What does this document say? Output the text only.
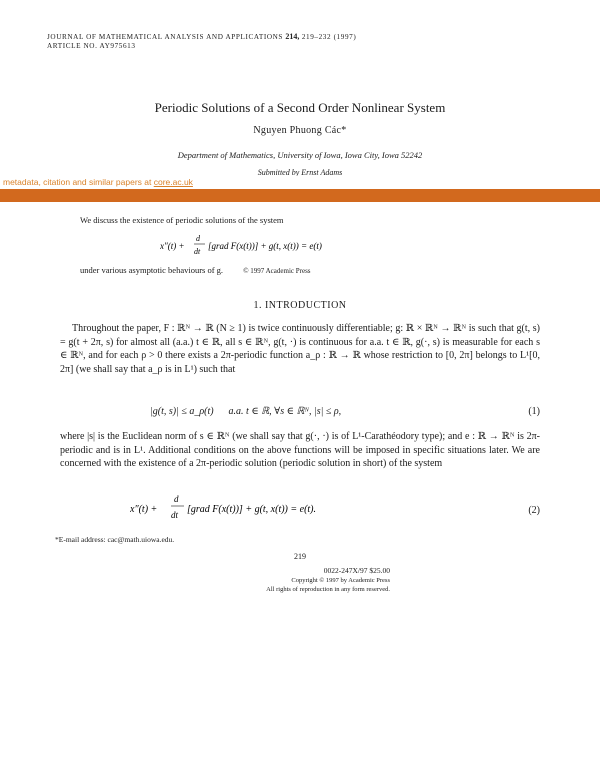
JOURNAL OF MATHEMATICAL ANALYSIS AND APPLICATIONS 214, 219–232 (1997)
ARTICLE NO. AY975613
Periodic Solutions of a Second Order Nonlinear System
Nguyen Phuong Các*
Department of Mathematics, University of Iowa, Iowa City, Iowa 52242
Submitted by Ernst Adams
metadata, citation and similar papers at core.ac.uk
We discuss the existence of periodic solutions of the system
x″(t) +
d
dt
[grad F(x(t))] + g(t, x(t)) = e(t)
under various asymptotic behaviours of g.	© 1997 Academic Press
1. INTRODUCTION
Throughout the paper, F : ℝᴺ → ℝ (N ≥ 1) is twice continuously differentiable; g: ℝ × ℝᴺ → ℝᴺ is such that g(t, s) = g(t + 2π, s) for almost all (a.a.) t ∈ ℝ, all s ∈ ℝᴺ, g(t, ·) is continuous for a.a. t ∈ ℝ, g(·, s) is measurable for each s ∈ ℝᴺ, and for each ρ > 0 there exists a 2π-periodic function a_ρ : ℝ → ℝ whose restriction to [0, 2π] belongs to L¹[0, 2π] (we shall say that a_ρ is in L¹) such that
|g(t, s)| ≤ a_ρ(t)      a.a. t ∈ ℝ, ∀s ∈ ℝᴺ, |s| ≤ ρ,	(1)
where |s| is the Euclidean norm of s ∈ ℝᴺ (we shall say that g(·, ·) is of L¹-Carathéodory type); and e : ℝ → ℝᴺ is 2π-periodic and is in L¹. Additional conditions on the above functions will be imposed in specific situations later. We are concerned with the existence of a 2π-periodic solution (periodic solution in short) of the system
x″(t) +
d
dt [grad F(x(t))] + g(t, x(t)) = e(t).	(2)
*E-mail address: cac@math.uiowa.edu.
219
0022-247X/97 $25.00
Copyright © 1997 by Academic Press
All rights of reproduction in any form reserved.
